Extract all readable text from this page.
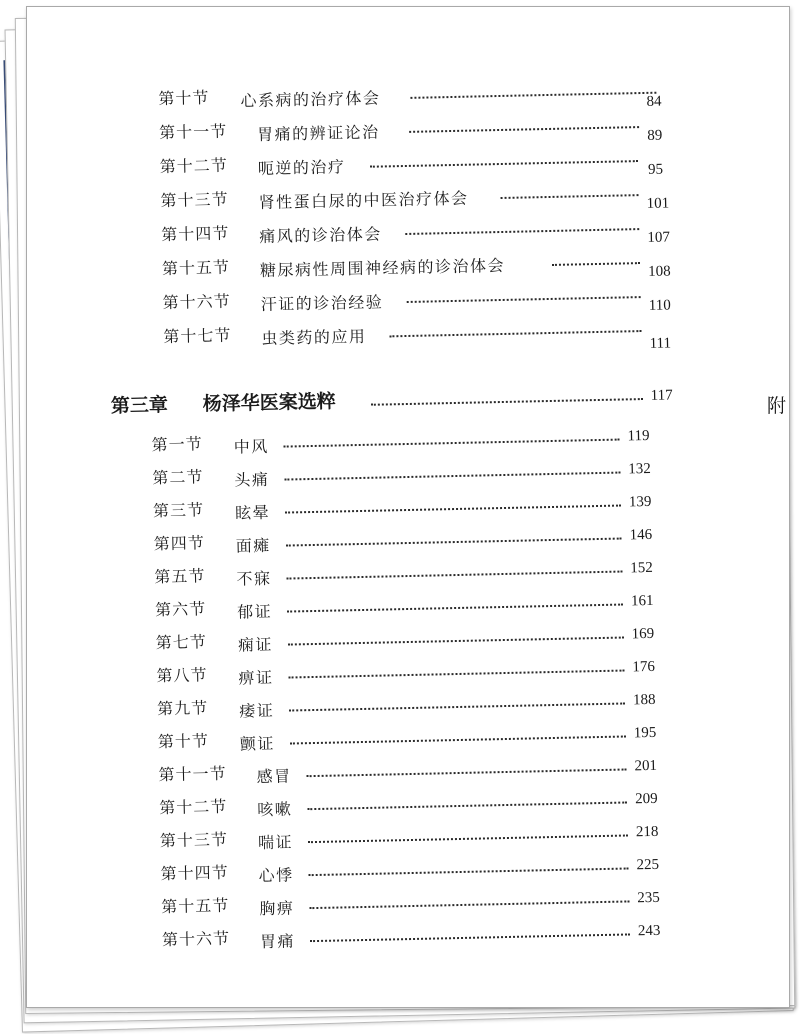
第十节 心系病的治疗体会
第十一节 胃痛的辨证论治
84
第十二节 呃逆的治疗
89
第十三节 肾性蛋白尿的中医治疗体会
95
第十四节 痛风的诊治体会
101
第十五节 糖尿病性周围神经病的诊治体会
107
第十六节 汗证的诊治经验
108
第十七节 虫类药的应用
110
111
第三章 杨泽华医案选粹	117
第一节 中风
119
第二节 头痛
132
第三节 眩晕
139
第四节 面瘫
146
第五节 不寐
152
第六节 郁证
161
第七节 痫证
169
第八节 痹证
176
第九节 痿证
188
第十节 颤证
195
第十一节 感冒
201
第十二节 咳嗽
209
第十三节 喘证
218
第十四节 心悸
225
第十五节 胸痹
235
第十六节 胃痛
243
附
